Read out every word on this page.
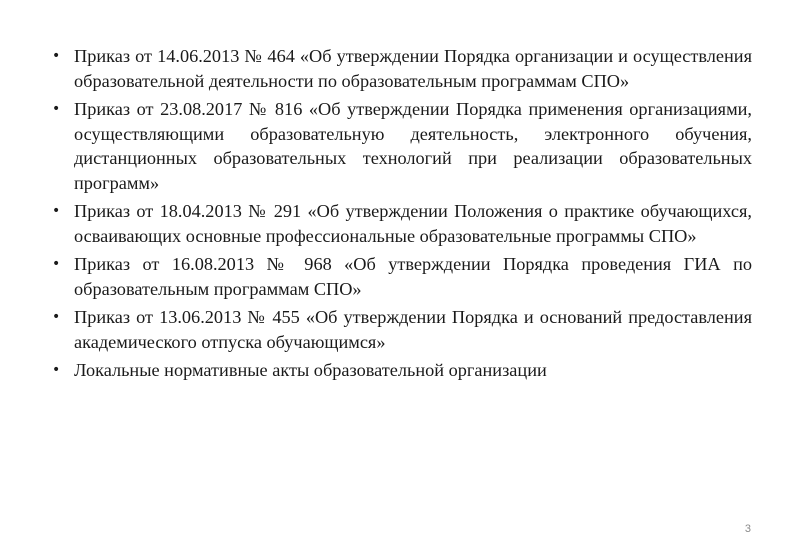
• Приказ от 14.06.2013 № 464 «Об утверждении Порядка организации и осуществления образовательной деятельности по образовательным программам СПО»
• Приказ от 23.08.2017 № 816 «Об утверждении Порядка применения организациями, осуществляющими образовательную деятельность, электронного обучения, дистанционных образовательных технологий при реализации образовательных программ»
• Приказ от 18.04.2013 № 291 «Об утверждении Положения о практике обучающихся, осваивающих основные профессиональные образовательные программы СПО»
• Приказ от 16.08.2013 № 968 «Об утверждении Порядка проведения ГИА по образовательным программам СПО»
• Приказ от 13.06.2013 № 455 «Об утверждении Порядка и оснований предоставления академического отпуска обучающимся»
• Локальные нормативные акты образовательной организации
3
